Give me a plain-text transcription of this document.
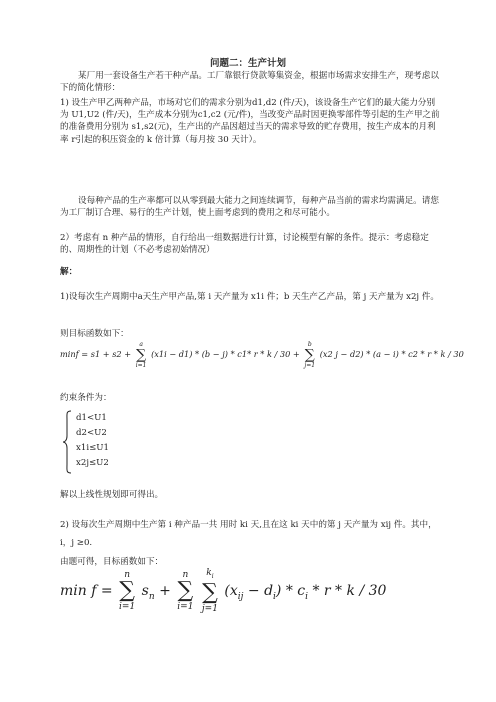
问题二：生产计划

某厂用一套设备生产若干种产品。工厂靠银行贷款筹集资金，根据市场需求安排生产，现考虑以下的简化情形：

1) 设生产甲乙两种产品，市场对它们的需求分别为d1,d2 (件/天)，该设备生产它们的最大能力分别为 U1,U2 (件/天)，生产成本分别为c1,c2 (元/件)，当改变产品时因更换零部件等引起的生产甲之前的准备费用分别为 s1,s2(元)，生产出的产品因超过当天的需求导致的贮存费用，按生产成本的月利率 r引起的积压资金的 k 倍计算（每月按 30 天计）。

设每种产品的生产率都可以从零到最大能力之间连续调节，每种产品当前的需求均需满足。请您为工厂制订合理、易行的生产计划，使上面考虑到的费用之和尽可能小。

2）考虑有 n 种产品的情形，自行给出一组数据进行计算，讨论模型有解的条件。提示：考虑稳定的、周期性的计划（不必考虑初始情况）

解：

1)设每次生产周期中a天生产甲产品,第 i 天产量为 x1i 件；b 天生产乙产品，第 j 天产量为 x2j 件。

则目标函数如下：

minf = s1 + s2 +
a
∑
i=1
(x1i − d1) * (b − j) * c1* r * k / 30 +
b
∑
j=1
(x2 j − d2) * (a − i) * c2 * r * k / 30

约束条件为：

d1<U1

d2<U2

x1i≤U1

x2j≤U2

解以上线性规划即可得出。

2) 设每次生产周期中生产第 i 种产品一共 用时 ki 天,且在这 ki 天中的第 j 天产量为 xij 件。其中，i，j ≥0.

由题可得，目标函数如下：

min f =
n
∑
i=1
$s_n$ +
n
∑
i=1

$k_i$
∑
j=1
$(x_{ij} - d_i) * c_i * r * k / 30$
